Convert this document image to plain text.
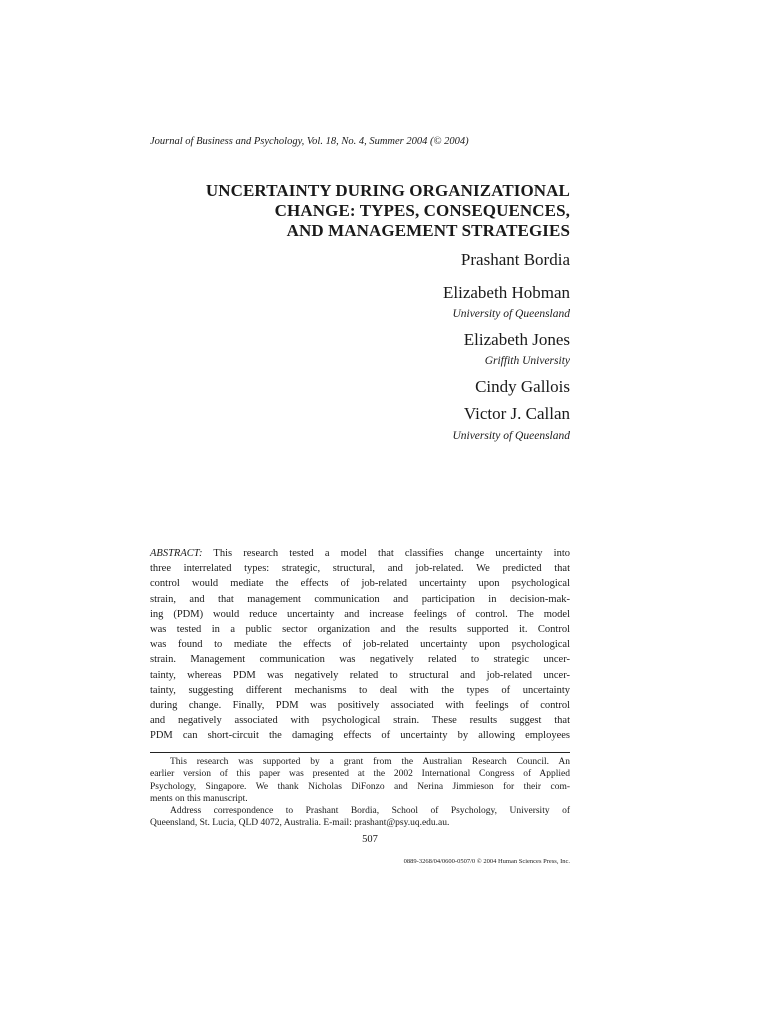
Journal of Business and Psychology, Vol. 18, No. 4, Summer 2004 (© 2004)
UNCERTAINTY DURING ORGANIZATIONAL
CHANGE: TYPES, CONSEQUENCES,
AND MANAGEMENT STRATEGIES
Prashant Bordia
Elizabeth Hobman
University of Queensland
Elizabeth Jones
Griffith University
Cindy Gallois
Victor J. Callan
University of Queensland
ABSTRACT: This research tested a model that classifies change uncertainty into
three interrelated types: strategic, structural, and job-related. We predicted that
control would mediate the effects of job-related uncertainty upon psychological
strain, and that management communication and participation in decision-mak-
ing (PDM) would reduce uncertainty and increase feelings of control. The model
was tested in a public sector organization and the results supported it. Control
was found to mediate the effects of job-related uncertainty upon psychological
strain. Management communication was negatively related to strategic uncer-
tainty, whereas PDM was negatively related to structural and job-related uncer-
tainty, suggesting different mechanisms to deal with the types of uncertainty
during change. Finally, PDM was positively associated with feelings of control
and negatively associated with psychological strain. These results suggest that
PDM can short-circuit the damaging effects of uncertainty by allowing employees
This research was supported by a grant from the Australian Research Council. An
earlier version of this paper was presented at the 2002 International Congress of Applied
Psychology, Singapore. We thank Nicholas DiFonzo and Nerina Jimmieson for their com-
ments on this manuscript.
Address correspondence to Prashant Bordia, School of Psychology, University of
Queensland, St. Lucia, QLD 4072, Australia. E-mail: prashant@psy.uq.edu.au.
507
0889-3268/04/0600-0507/0 © 2004 Human Sciences Press, Inc.
